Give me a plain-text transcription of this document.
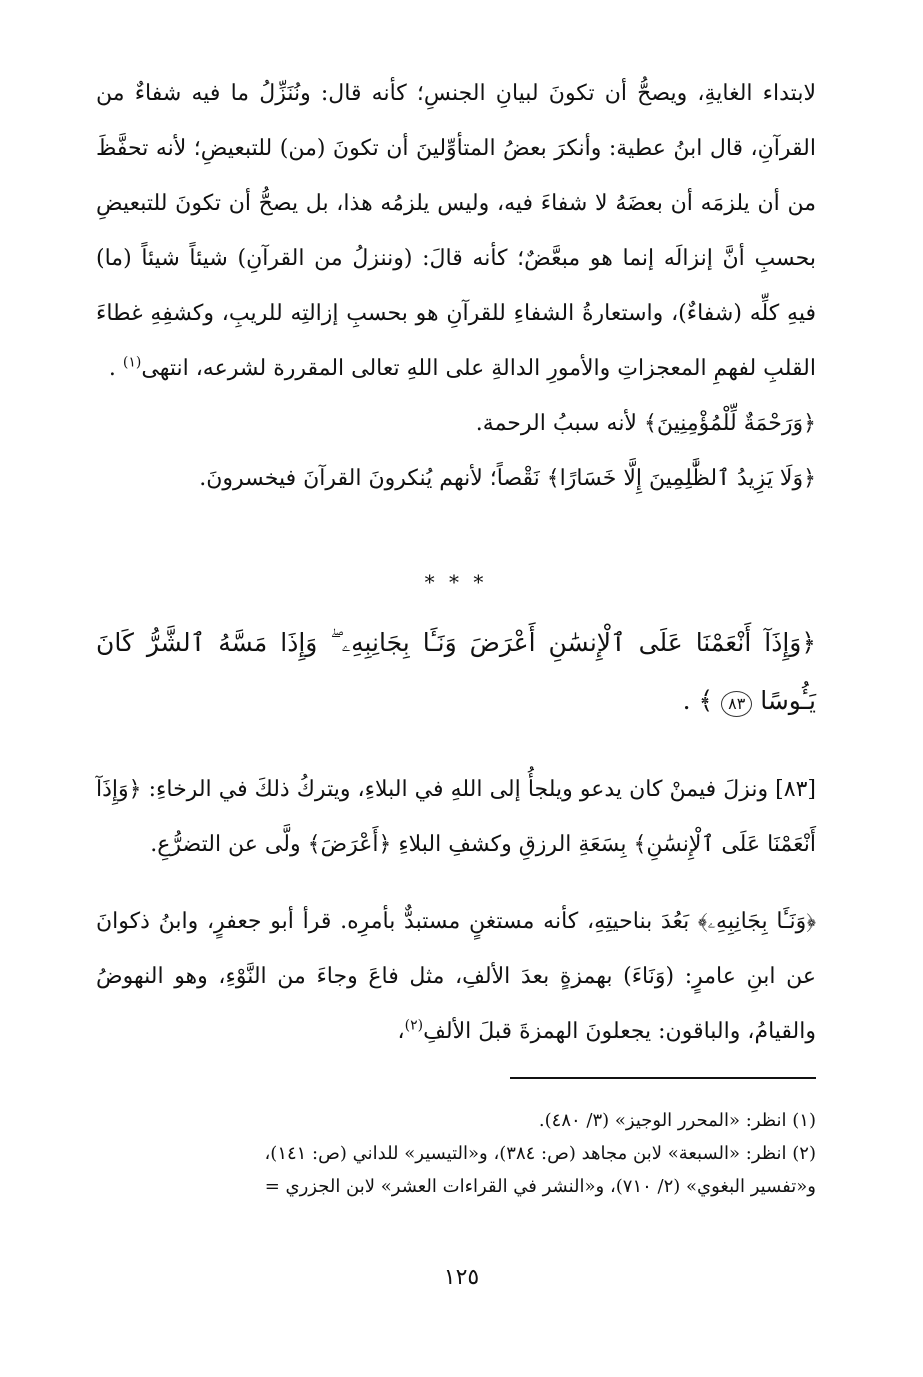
لابتداء الغايةِ، ويصحُّ أن تكونَ لبيانِ الجنسِ؛ كأنه قال: ونُنَزِّلُ ما فيه شفاءٌ من القرآنِ، قال ابنُ عطية: وأنكرَ بعضُ المتأوِّلينَ أن تكونَ (من) للتبعيضِ؛ لأنه تحفَّظَ من أن يلزمَه أن بعضَهُ لا شفاءَ فيه، وليس يلزمُه هذا، بل يصحُّ أن تكونَ للتبعيضِ بحسبِ أنَّ إنزالَه إنما هو مبعَّضٌ؛ كأنه قالَ: (وننزلُ من القرآنِ) شيئاً شيئاً (ما) فيهِ كلِّه (شفاءٌ)، واستعارةُ الشفاءِ للقرآنِ هو بحسبِ إزالتِه للريبِ، وكشفِهِ غطاءَ القلبِ لفهمِ المعجزاتِ والأمورِ الدالةِ على اللهِ تعالى المقررة لشرعه، انتهى$^{(١)}$ .

﴿وَرَحْمَةٌ لِّلْمُؤْمِنِينَ﴾ لأنه سببُ الرحمة.

﴿وَلَا يَزِيدُ ٱلظَّٰلِمِينَ إِلَّا خَسَارًا﴾ نَقْصاً؛ لأنهم يُنكرونَ القرآنَ فيخسرونَ.

* * *
﴿وَإِذَآ أَنْعَمْنَا عَلَى ٱلْإِنسَٰنِ أَعْرَضَ وَنَـَٔا بِجَانِبِهِۦ ۖ وَإِذَا مَسَّهُ ٱلشَّرُّ كَانَ يَـُٔوسًا ٨٣ ﴾ .

[٨٣] ونزلَ فيمنْ كان يدعو ويلجأُ إلى اللهِ في البلاءِ، ويتركُ ذلكَ في الرخاءِ: ﴿وَإِذَآ أَنْعَمْنَا عَلَى ٱلْإِنسَٰنِ﴾ بِسَعَةِ الرزقِ وكشفِ البلاءِ ﴿أَعْرَضَ﴾ ولَّى عن التضرُّعِ.

﴿وَنَـَٔا بِجَانِبِهِۦ﴾ بَعُدَ بناحيتِهِ، كأنه مستغنٍ مستبدٌّ بأمرِه. قرأ أبو جعفرٍ، وابنُ ذكوانَ عن ابنِ عامرٍ: (وَنَاءَ) بهمزةٍ بعدَ الألفِ، مثل فاعَ وجاءَ من النَّوْءِ، وهو النهوضُ والقيامُ، والباقون: يجعلونَ الهمزةَ قبلَ الألفِ$^{(٢)}$،

(١) انظر: «المحرر الوجيز» (٣/ ٤٨٠).

(٢) انظر: «السبعة» لابن مجاهد (ص: ٣٨٤)، و«التيسير» للداني (ص: ١٤١)،

و«تفسير البغوي» (٢/ ٧١٠)، و«النشر في القراءات العشر» لابن الجزري =

١٢٥
